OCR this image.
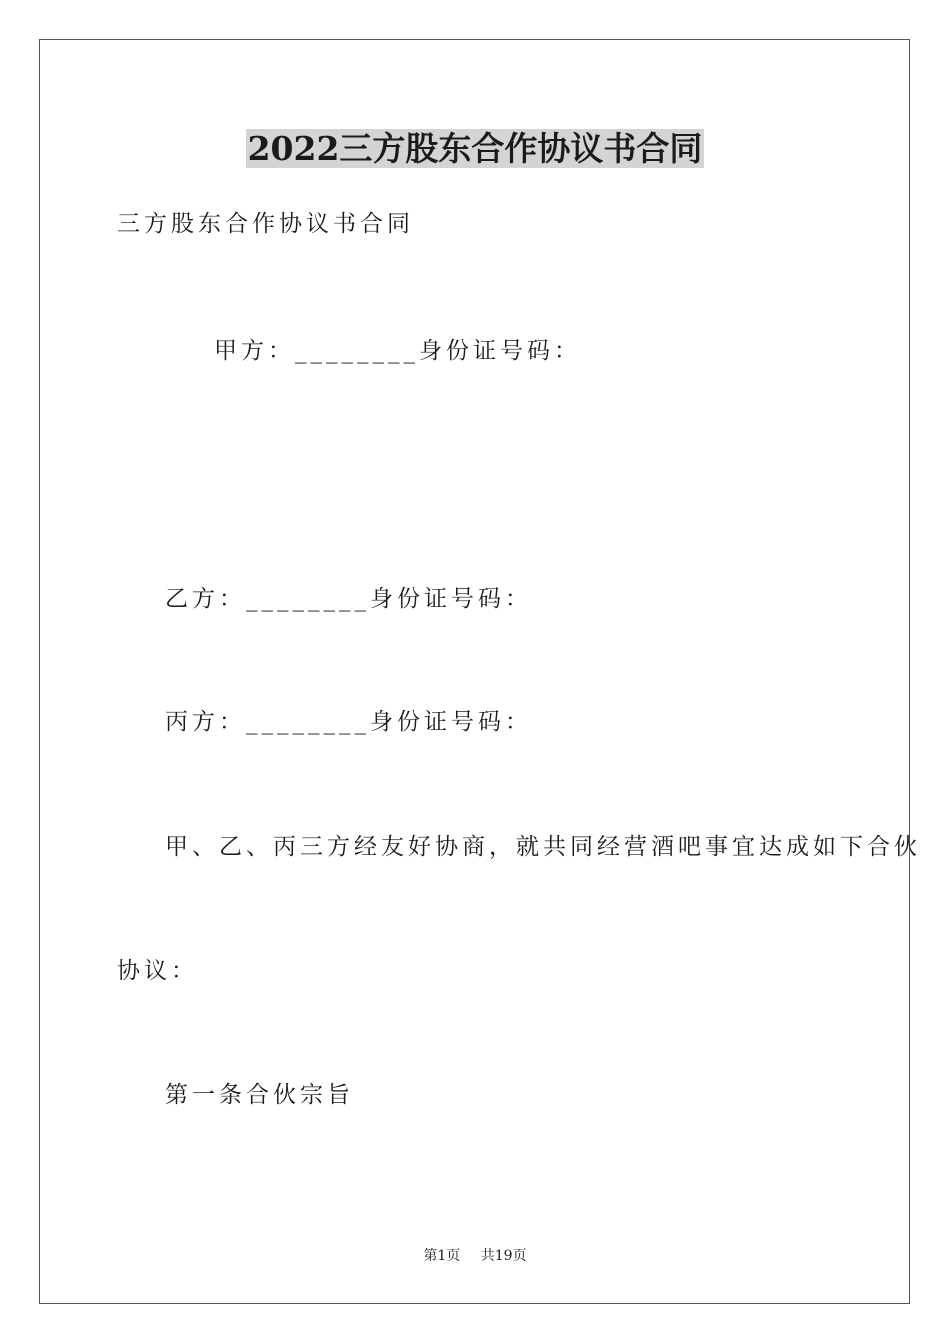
2022三方股东合作协议书合同
三方股东合作协议书合同
甲方：________身份证号码：
乙方：________身份证号码：
丙方：________身份证号码：
甲、乙、丙三方经友好协商，就共同经营酒吧事宜达成如下合伙
协议：
第一条合伙宗旨
第1页 共19页
